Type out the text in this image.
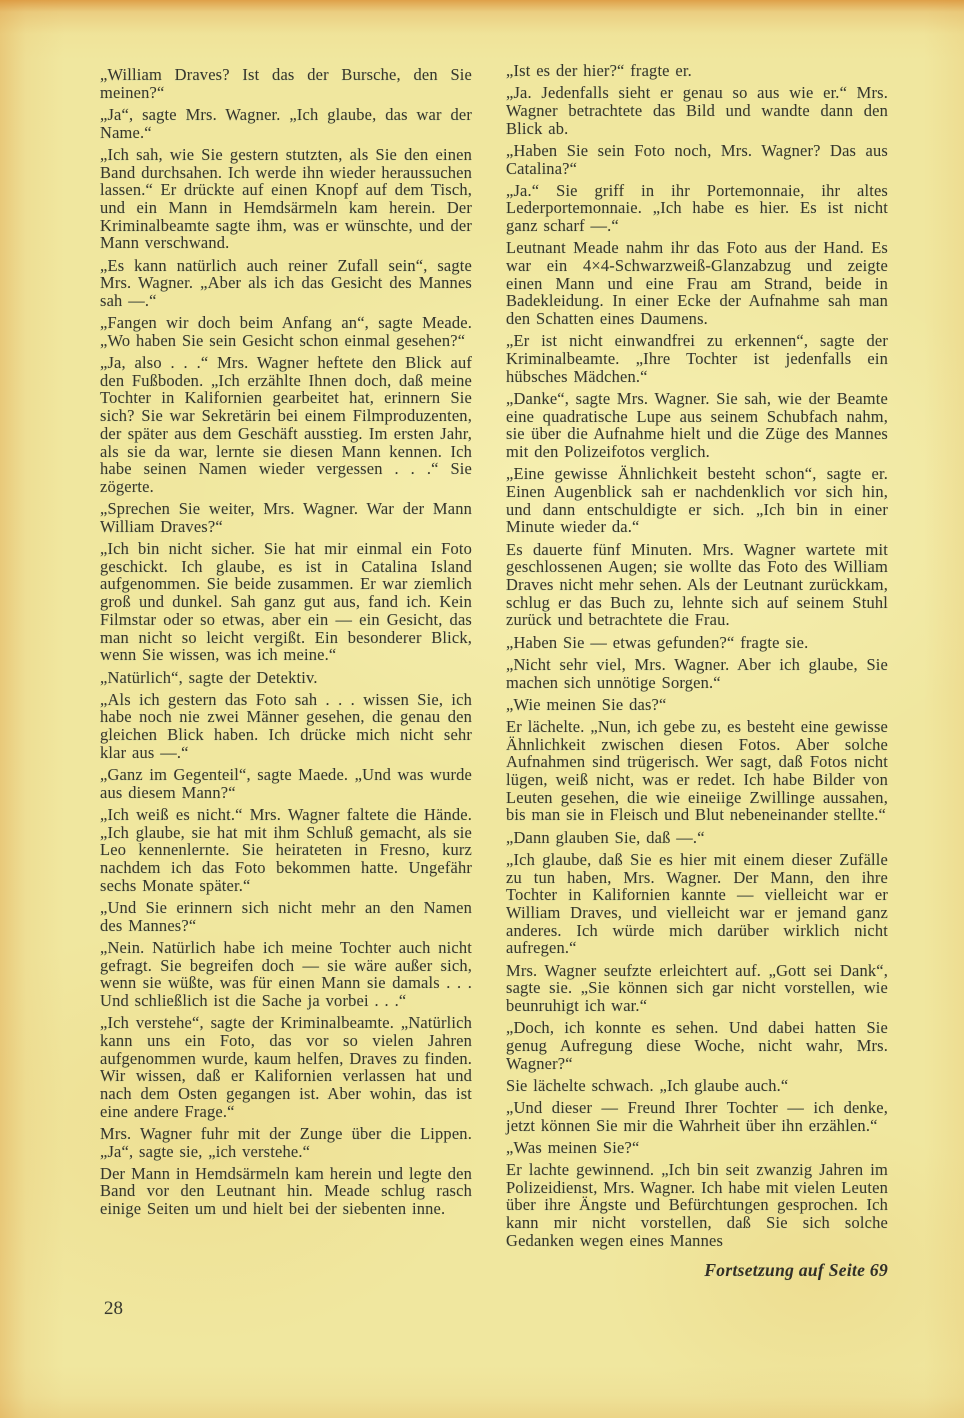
„William Draves? Ist das der Bursche, den Sie meinen?“

„Ja“, sagte Mrs. Wagner. „Ich glaube, das war der Name.“

„Ich sah, wie Sie gestern stutzten, als Sie den einen Band durchsahen. Ich werde ihn wieder heraussuchen lassen.“ Er drückte auf einen Knopf auf dem Tisch, und ein Mann in Hemdsärmeln kam herein. Der Kriminalbeamte sagte ihm, was er wünschte, und der Mann verschwand.

„Es kann natürlich auch reiner Zufall sein“, sagte Mrs. Wagner. „Aber als ich das Gesicht des Mannes sah —.“

„Fangen wir doch beim Anfang an“, sagte Meade. „Wo haben Sie sein Gesicht schon einmal gesehen?“

„Ja, also . . .“ Mrs. Wagner heftete den Blick auf den Fußboden. „Ich erzählte Ihnen doch, daß meine Tochter in Kalifornien gearbeitet hat, erinnern Sie sich? Sie war Sekretärin bei einem Filmproduzenten, der später aus dem Geschäft ausstieg. Im ersten Jahr, als sie da war, lernte sie diesen Mann kennen. Ich habe seinen Namen wieder vergessen . . .“ Sie zögerte.

„Sprechen Sie weiter, Mrs. Wagner. War der Mann William Draves?“

„Ich bin nicht sicher. Sie hat mir einmal ein Foto geschickt. Ich glaube, es ist in Catalina Island aufgenommen. Sie beide zusammen. Er war ziemlich groß und dunkel. Sah ganz gut aus, fand ich. Kein Filmstar oder so etwas, aber ein — ein Gesicht, das man nicht so leicht vergißt. Ein besonderer Blick, wenn Sie wissen, was ich meine.“

„Natürlich“, sagte der Detektiv.

„Als ich gestern das Foto sah . . . wissen Sie, ich habe noch nie zwei Männer gesehen, die genau den gleichen Blick haben. Ich drücke mich nicht sehr klar aus —.“

„Ganz im Gegenteil“, sagte Maede. „Und was wurde aus diesem Mann?“

„Ich weiß es nicht.“ Mrs. Wagner faltete die Hände. „Ich glaube, sie hat mit ihm Schluß gemacht, als sie Leo kennenlernte. Sie heirateten in Fresno, kurz nachdem ich das Foto bekommen hatte. Ungefähr sechs Monate später.“

„Und Sie erinnern sich nicht mehr an den Namen des Mannes?“

„Nein. Natürlich habe ich meine Tochter auch nicht gefragt. Sie begreifen doch — sie wäre außer sich, wenn sie wüßte, was für einen Mann sie damals . . . Und schließlich ist die Sache ja vorbei . . .“

„Ich verstehe“, sagte der Kriminalbeamte. „Natürlich kann uns ein Foto, das vor so vielen Jahren aufgenommen wurde, kaum helfen, Draves zu finden. Wir wissen, daß er Kalifornien verlassen hat und nach dem Osten gegangen ist. Aber wohin, das ist eine andere Frage.“

Mrs. Wagner fuhr mit der Zunge über die Lippen. „Ja“, sagte sie, „ich verstehe.“

Der Mann in Hemdsärmeln kam herein und legte den Band vor den Leutnant hin. Meade schlug rasch einige Seiten um und hielt bei der siebenten inne.

„Ist es der hier?“ fragte er.

„Ja. Jedenfalls sieht er genau so aus wie er.“ Mrs. Wagner betrachtete das Bild und wandte dann den Blick ab.

„Haben Sie sein Foto noch, Mrs. Wagner? Das aus Catalina?“

„Ja.“ Sie griff in ihr Portemonnaie, ihr altes Lederportemonnaie. „Ich habe es hier. Es ist nicht ganz scharf —.“

Leutnant Meade nahm ihr das Foto aus der Hand. Es war ein 4×4-Schwarzweiß-Glanzabzug und zeigte einen Mann und eine Frau am Strand, beide in Badekleidung. In einer Ecke der Aufnahme sah man den Schatten eines Daumens.

„Er ist nicht einwandfrei zu erkennen“, sagte der Kriminalbeamte. „Ihre Tochter ist jedenfalls ein hübsches Mädchen.“

„Danke“, sagte Mrs. Wagner. Sie sah, wie der Beamte eine quadratische Lupe aus seinem Schubfach nahm, sie über die Aufnahme hielt und die Züge des Mannes mit den Polizeifotos verglich.

„Eine gewisse Ähnlichkeit besteht schon“, sagte er. Einen Augenblick sah er nachdenklich vor sich hin, und dann entschuldigte er sich. „Ich bin in einer Minute wieder da.“

Es dauerte fünf Minuten. Mrs. Wagner wartete mit geschlossenen Augen; sie wollte das Foto des William Draves nicht mehr sehen. Als der Leutnant zurückkam, schlug er das Buch zu, lehnte sich auf seinem Stuhl zurück und betrachtete die Frau.

„Haben Sie — etwas gefunden?“ fragte sie.

„Nicht sehr viel, Mrs. Wagner. Aber ich glaube, Sie machen sich unnötige Sorgen.“

„Wie meinen Sie das?“

Er lächelte. „Nun, ich gebe zu, es besteht eine gewisse Ähnlichkeit zwischen diesen Fotos. Aber solche Aufnahmen sind trügerisch. Wer sagt, daß Fotos nicht lügen, weiß nicht, was er redet. Ich habe Bilder von Leuten gesehen, die wie eineiige Zwillinge aussahen, bis man sie in Fleisch und Blut nebeneinander stellte.“

„Dann glauben Sie, daß —.“

„Ich glaube, daß Sie es hier mit einem dieser Zufälle zu tun haben, Mrs. Wagner. Der Mann, den ihre Tochter in Kalifornien kannte — vielleicht war er William Draves, und vielleicht war er jemand ganz anderes. Ich würde mich darüber wirklich nicht aufregen.“

Mrs. Wagner seufzte erleichtert auf. „Gott sei Dank“, sagte sie. „Sie können sich gar nicht vorstellen, wie beunruhigt ich war.“

„Doch, ich konnte es sehen. Und dabei hatten Sie genug Aufregung diese Woche, nicht wahr, Mrs. Wagner?“

Sie lächelte schwach. „Ich glaube auch.“

„Und dieser — Freund Ihrer Tochter — ich denke, jetzt können Sie mir die Wahrheit über ihn erzählen.“

„Was meinen Sie?“

Er lachte gewinnend. „Ich bin seit zwanzig Jahren im Polizeidienst, Mrs. Wagner. Ich habe mit vielen Leuten über ihre Ängste und Befürchtungen gesprochen. Ich kann mir nicht vorstellen, daß Sie sich solche Gedanken wegen eines Mannes

Fortsetzung auf Seite 69
28
